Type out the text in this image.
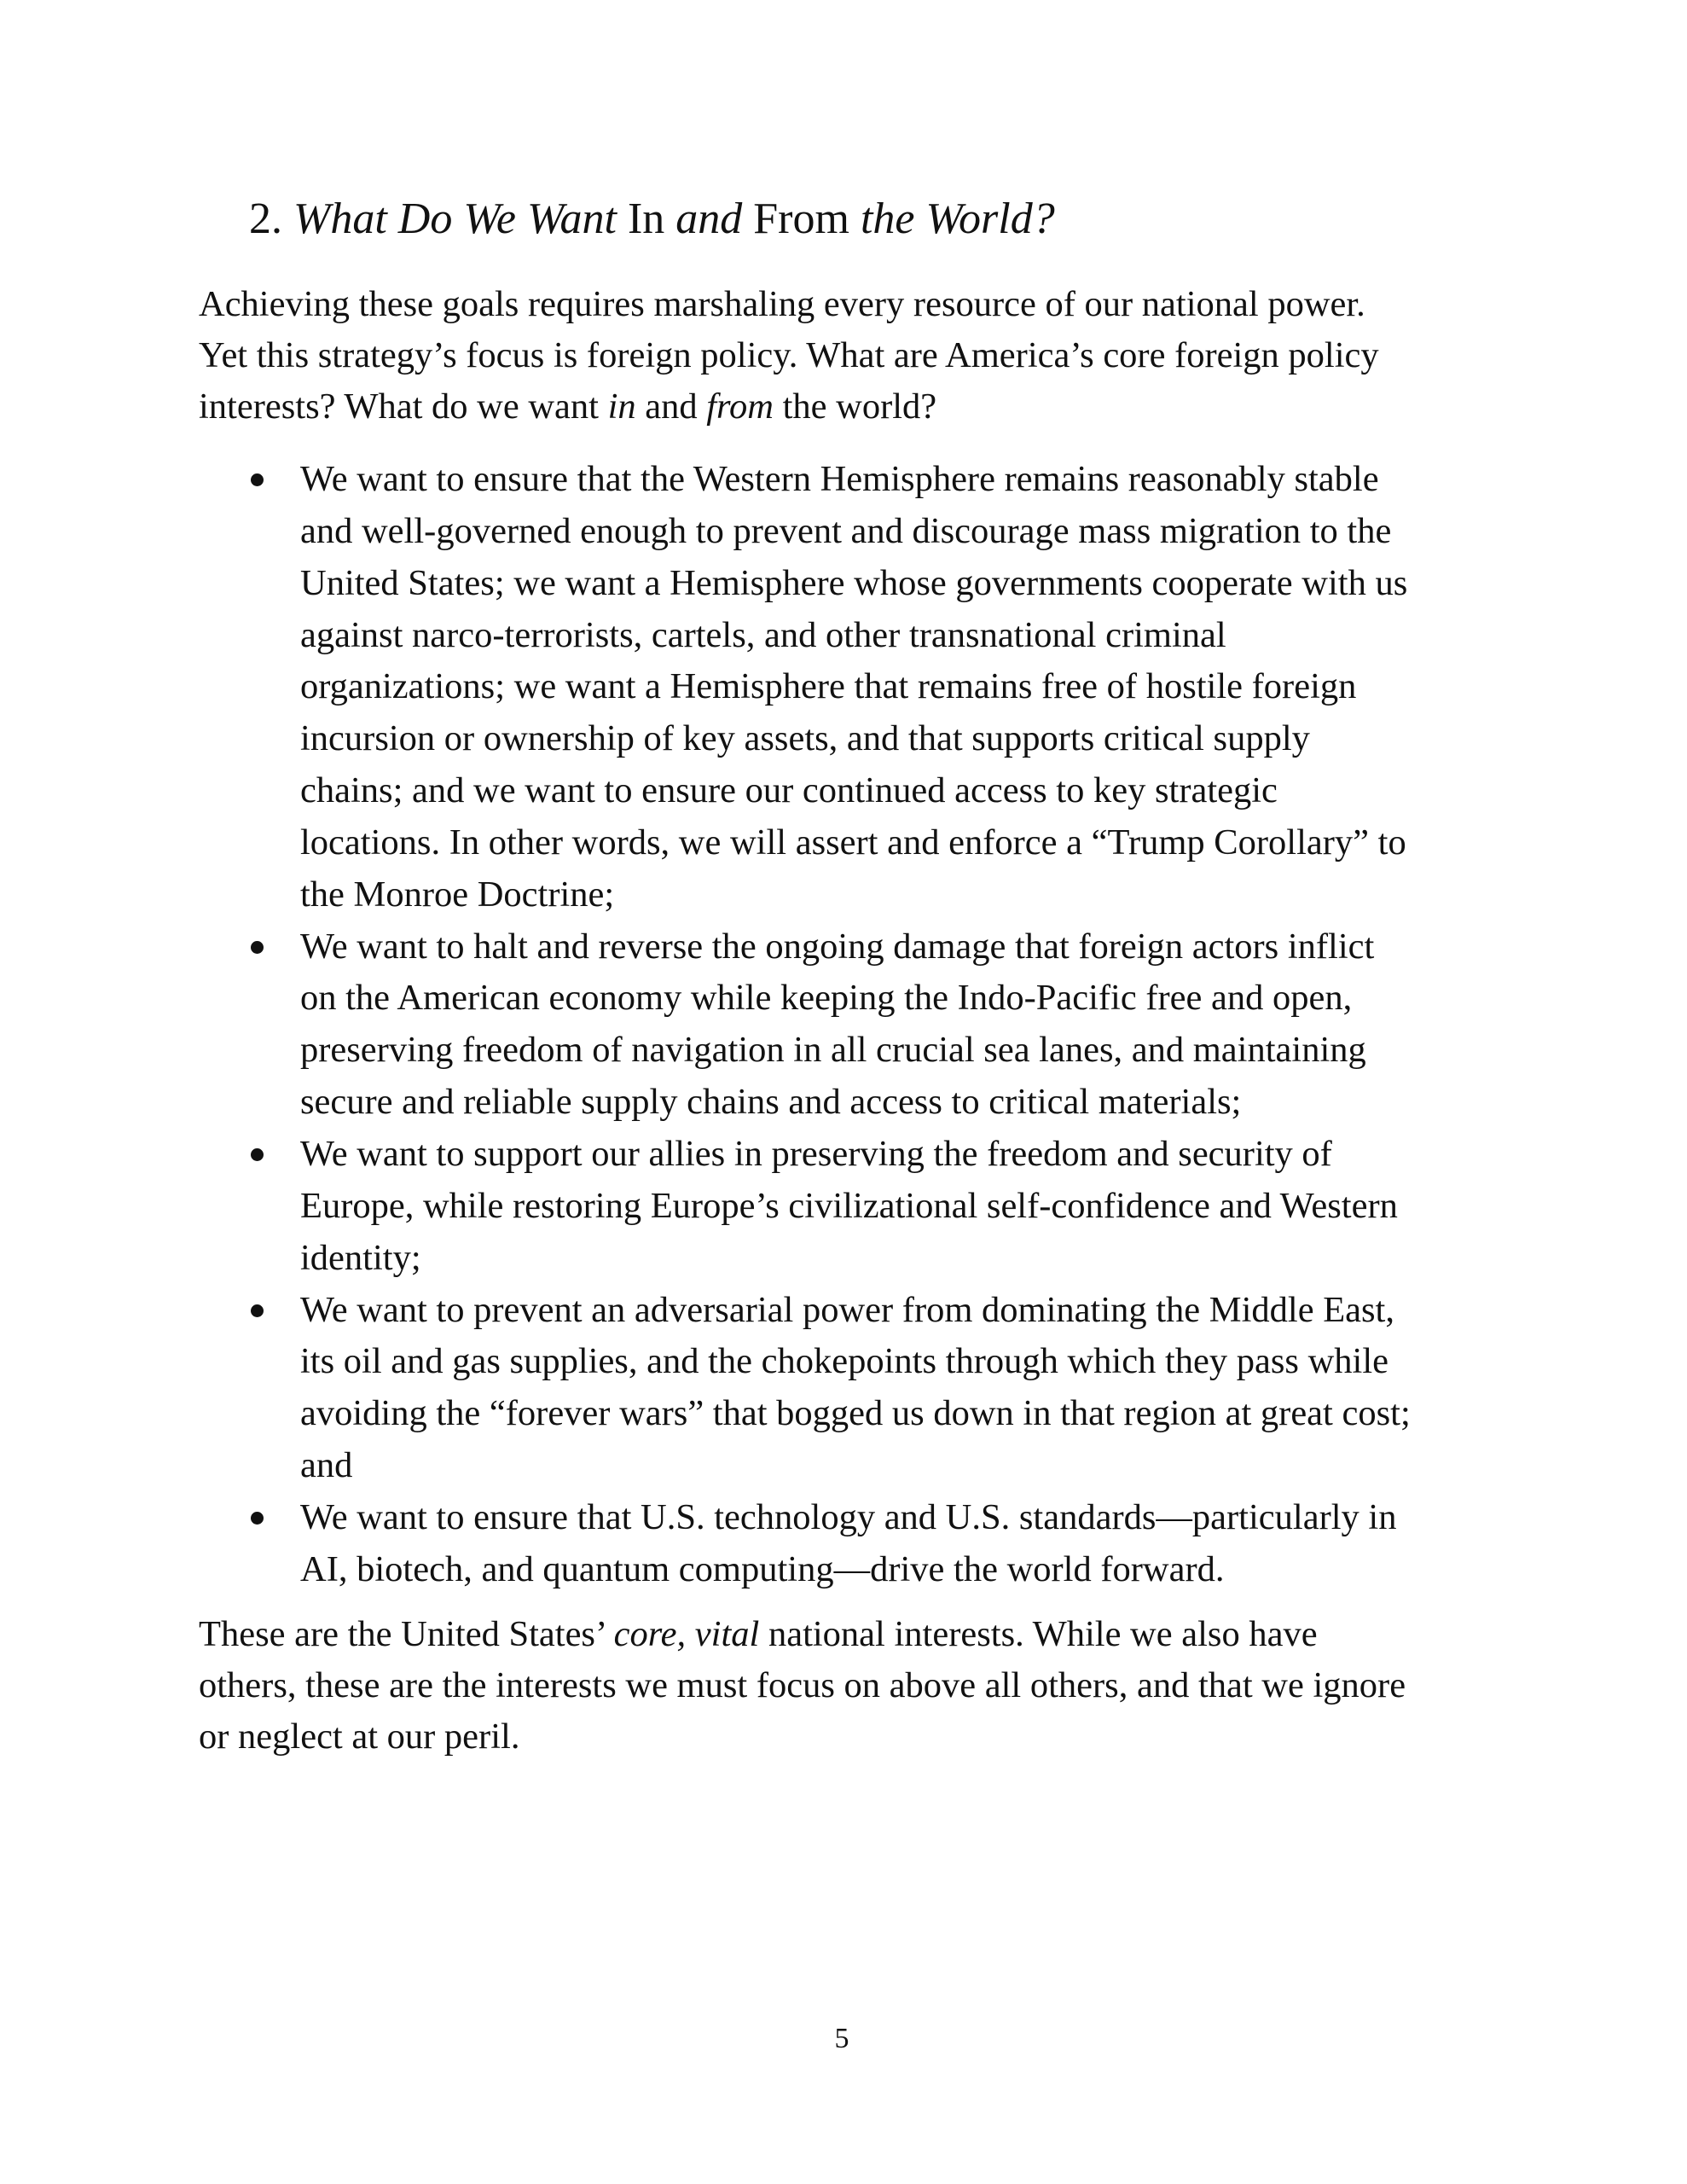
2. What Do We Want In and From the World?

Achieving these goals requires marshaling every resource of our national power.
Yet this strategy’s focus is foreign policy. What are America’s core foreign policy
interests? What do we want in and from the world?

We want to ensure that the Western Hemisphere remains reasonably stable
and well-governed enough to prevent and discourage mass migration to the
United States; we want a Hemisphere whose governments cooperate with us
against narco-terrorists, cartels, and other transnational criminal
organizations; we want a Hemisphere that remains free of hostile foreign
incursion or ownership of key assets, and that supports critical supply
chains; and we want to ensure our continued access to key strategic
locations. In other words, we will assert and enforce a “Trump Corollary” to
the Monroe Doctrine;
We want to halt and reverse the ongoing damage that foreign actors inflict
on the American economy while keeping the Indo-Pacific free and open,
preserving freedom of navigation in all crucial sea lanes, and maintaining
secure and reliable supply chains and access to critical materials;
We want to support our allies in preserving the freedom and security of
Europe, while restoring Europe’s civilizational self-confidence and Western
identity;
We want to prevent an adversarial power from dominating the Middle East,
its oil and gas supplies, and the chokepoints through which they pass while
avoiding the “forever wars” that bogged us down in that region at great cost;
and
We want to ensure that U.S. technology and U.S. standards—particularly in
AI, biotech, and quantum computing—drive the world forward.

These are the United States’ core, vital national interests. While we also have
others, these are the interests we must focus on above all others, and that we ignore
or neglect at our peril.

5
